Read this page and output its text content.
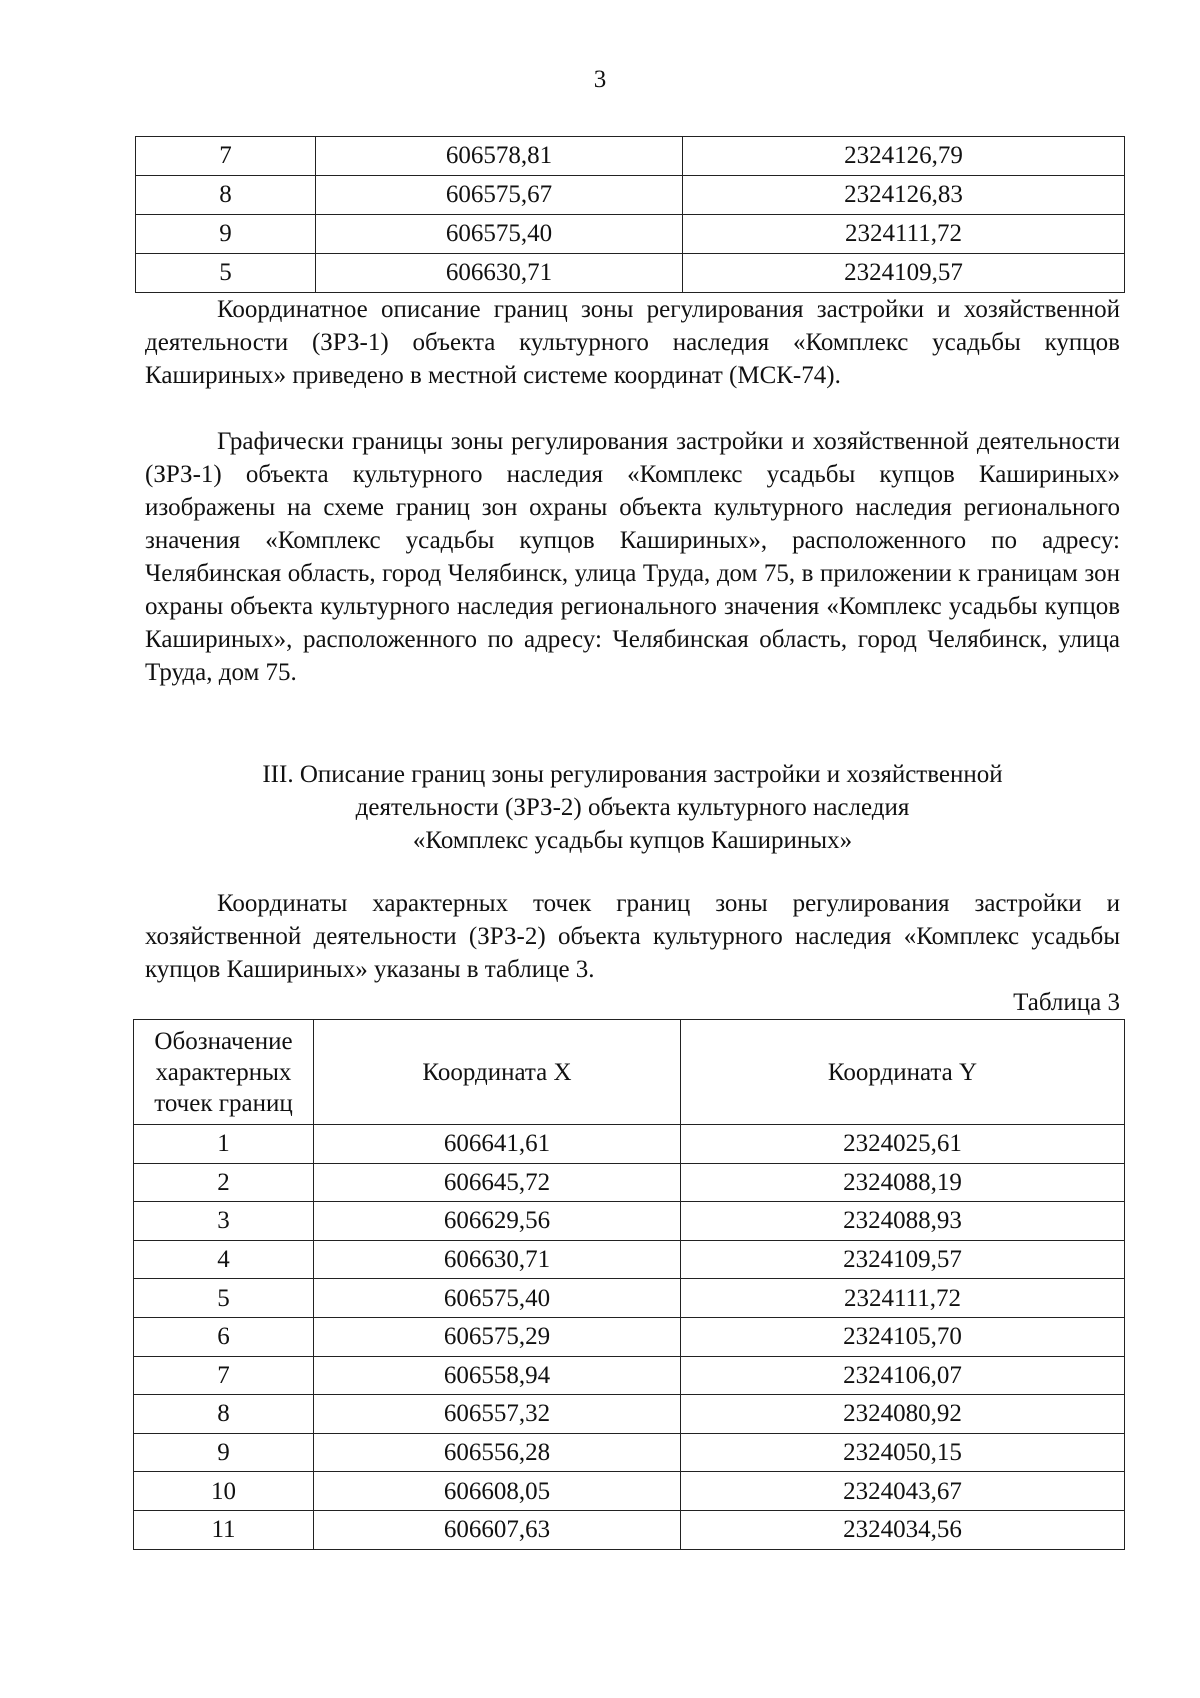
3
7	606578,81	2324126,79
8	606575,67	2324126,83
9	606575,40	2324111,72
5	606630,71	2324109,57

Координатное описание границ зоны регулирования застройки и хозяйственной деятельности (ЗРЗ-1) объекта культурного наследия «Комплекс усадьбы купцов Кашириных» приведено в местной системе координат (МСК-74).

Графически границы зоны регулирования застройки и хозяйственной деятельности (ЗРЗ-1) объекта культурного наследия «Комплекс усадьбы купцов Кашириных» изображены на схеме границ зон охраны объекта культурного наследия регионального значения «Комплекс усадьбы купцов Кашириных», расположенного по адресу: Челябинская область, город Челябинск, улица Труда, дом 75, в приложении к границам зон охраны объекта культурного наследия регионального значения «Комплекс усадьбы купцов Кашириных», расположенного по адресу: Челябинская область, город Челябинск, улица Труда, дом 75.

III. Описание границ зоны регулирования застройки и хозяйственной
деятельности (ЗРЗ-2) объекта культурного наследия
«Комплекс усадьбы купцов Кашириных»

Координаты характерных точек границ зоны регулирования застройки и хозяйственной деятельности (ЗРЗ-2) объекта культурного наследия «Комплекс усадьбы купцов Кашириных» указаны в таблице 3.

Таблица 3
Обозначение характерных точек границ	Координата X	Координата Y
1	606641,61	2324025,61
2	606645,72	2324088,19
3	606629,56	2324088,93
4	606630,71	2324109,57
5	606575,40	2324111,72
6	606575,29	2324105,70
7	606558,94	2324106,07
8	606557,32	2324080,92
9	606556,28	2324050,15
10	606608,05	2324043,67
11	606607,63	2324034,56
